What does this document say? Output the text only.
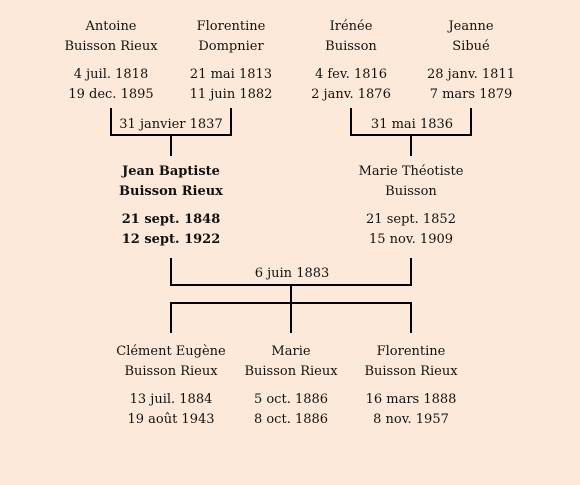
31 janvier 1837	31 mai 1836
6 juin 1883
Antoine
Buisson Rieux
4 juil. 1818
19 dec. 1895
Florentine
Dompnier
21 mai 1813
11 juin 1882
Irénée
Buisson
4 fev. 1816
2 janv. 1876
Jeanne
Sibué
28 janv. 1811
7 mars 1879
Jean Baptiste
Buisson Rieux
21 sept. 1848
12 sept. 1922
Marie Théotiste
Buisson
21 sept. 1852
15 nov. 1909
Clément Eugène
Buisson Rieux
13 juil. 1884
19 août 1943
Marie
Buisson Rieux
5 oct. 1886
8 oct. 1886
Florentine
Buisson Rieux
16 mars 1888
8 nov. 1957
